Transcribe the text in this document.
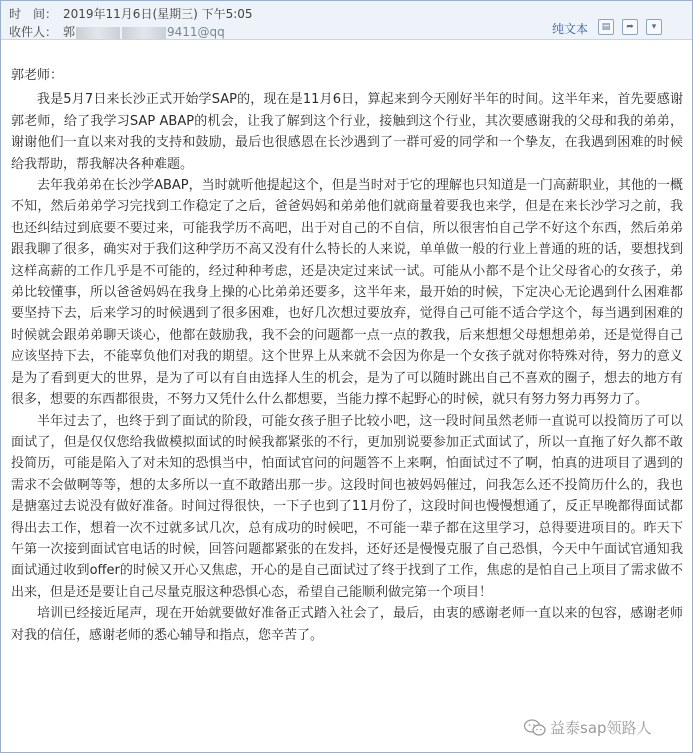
时　间： 2019年11月6日(星期三) 下午5:05
收件人： 郭	9411@qq	纯文本	▤	➦	▾

郭老师：

我是5月7日来长沙正式开始学SAP的，现在是11月6日，算起来到今天刚好半年的时间。这半年来，首先要感谢郭老师，给了我学习SAP ABAP的机会，让我了解到这个行业，接触到这个行业，其次要感谢我的父母和我的弟弟，谢谢他们一直以来对我的支持和鼓励，最后也很感恩在长沙遇到了一群可爱的同学和一个挚友，在我遇到困难的时候给我帮助，帮我解决各种难题。

去年我弟弟在长沙学ABAP，当时就听他提起这个，但是当时对于它的理解也只知道是一门高薪职业，其他的一概不知，然后弟弟学习完找到工作稳定了之后，爸爸妈妈和弟弟他们就商量着要我也来学，但是在来长沙学习之前，我也还纠结过到底要不要过来，可能我学历不高吧，出于对自己的不自信，所以很害怕自己学不好这个东西，然后弟弟跟我聊了很多，确实对于我们这种学历不高又没有什么特长的人来说，单单做一般的行业上普通的班的话，要想找到这样高薪的工作几乎是不可能的，经过种种考虑，还是决定过来试一试。可能从小都不是个让父母省心的女孩子，弟弟比较懂事，所以爸爸妈妈在我身上操的心比弟弟还要多，这半年来，最开始的时候，下定决心无论遇到什么困难都要坚持下去，后来学习的时候遇到了很多困难，也好几次想过要放弃，觉得自己可能不适合学这个，每当遇到困难的时候就会跟弟弟聊天谈心，他都在鼓励我，我不会的问题都一点一点的教我，后来想想父母想想弟弟，还是觉得自己应该坚持下去，不能辜负他们对我的期望。这个世界上从来就不会因为你是一个女孩子就对你特殊对待，努力的意义是为了看到更大的世界，是为了可以有自由选择人生的机会，是为了可以随时跳出自己不喜欢的圈子，想去的地方有很多，想要的东西都很贵，不努力又凭什么什么都想要，当能力撑不起野心的时候，就只有努力努力再努力了。

半年过去了，也终于到了面试的阶段，可能女孩子胆子比较小吧，这一段时间虽然老师一直说可以投简历了可以面试了，但是仅仅您给我做模拟面试的时候我都紧张的不行，更加别说要参加正式面试了，所以一直拖了好久都不敢投简历，可能是陷入了对未知的恐惧当中，怕面试官问的问题答不上来啊，怕面试过不了啊，怕真的进项目了遇到的需求不会做啊等等，想的太多所以一直不敢踏出那一步。这段时间也被妈妈催过，问我怎么还不投简历什么的，我也是搪塞过去说没有做好准备。时间过得很快，一下子也到了11月份了，这段时间也慢慢想通了，反正早晚都得面试都得出去工作，想着一次不过就多试几次，总有成功的时候吧，不可能一辈子都在这里学习，总得要进项目的。昨天下午第一次接到面试官电话的时候，回答问题都紧张的在发抖，还好还是慢慢克服了自己恐惧，今天中午面试官通知我面试通过收到offer的时候又开心又焦虑，开心的是自己面试过了终于找到了工作，焦虑的是怕自己上项目了需求做不出来，但是还是要让自己尽量克服这种恐惧心态，希望自己能顺利做完第一个项目！

培训已经接近尾声，现在开始就要做好准备正式踏入社会了，最后，由衷的感谢老师一直以来的包容，感谢老师对我的信任，感谢老师的悉心辅导和指点，您辛苦了。

益泰sap领路人
